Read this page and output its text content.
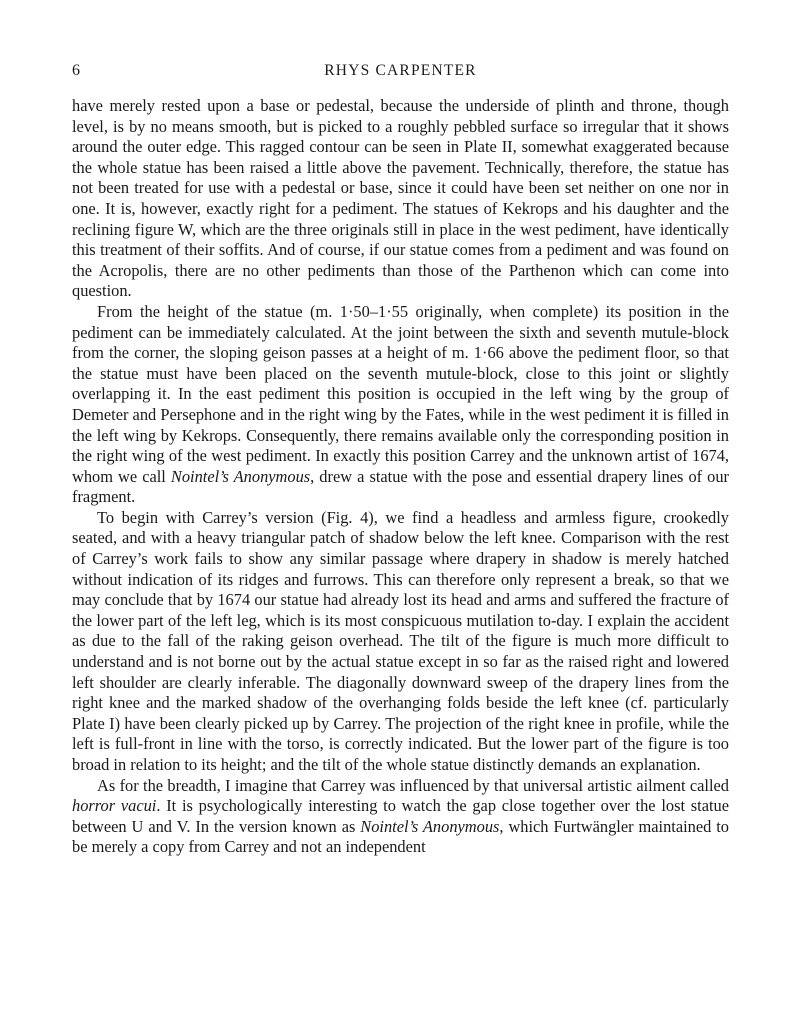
6	RHYS CARPENTER

have merely rested upon a base or pedestal, because the underside of plinth and throne, though level, is by no means smooth, but is picked to a roughly pebbled surface so irregular that it shows around the outer edge. This ragged contour can be seen in Plate II, somewhat exaggerated because the whole statue has been raised a little above the pavement. Technically, therefore, the statue has not been treated for use with a pedestal or base, since it could have been set neither on one nor in one. It is, however, exactly right for a pediment. The statues of Kekrops and his daughter and the reclining figure W, which are the three originals still in place in the west pediment, have identically this treatment of their soffits. And of course, if our statue comes from a pediment and was found on the Acropolis, there are no other pediments than those of the Parthenon which can come into question.

From the height of the statue (m. 1·50–1·55 originally, when complete) its position in the pediment can be immediately calculated. At the joint between the sixth and seventh mutule-block from the corner, the sloping geison passes at a height of m. 1·66 above the pediment floor, so that the statue must have been placed on the seventh mutule-block, close to this joint or slightly overlapping it. In the east pediment this position is occupied in the left wing by the group of Demeter and Persephone and in the right wing by the Fates, while in the west pediment it is filled in the left wing by Kekrops. Consequently, there remains available only the corresponding position in the right wing of the west pediment. In exactly this position Carrey and the unknown artist of 1674, whom we call Nointel’s Anonymous, drew a statue with the pose and essential drapery lines of our fragment.

To begin with Carrey’s version (Fig. 4), we find a headless and armless figure, crookedly seated, and with a heavy triangular patch of shadow below the left knee. Comparison with the rest of Carrey’s work fails to show any similar passage where drapery in shadow is merely hatched without indication of its ridges and furrows. This can therefore only represent a break, so that we may conclude that by 1674 our statue had already lost its head and arms and suffered the fracture of the lower part of the left leg, which is its most conspicuous mutilation to-day. I explain the accident as due to the fall of the raking geison overhead. The tilt of the figure is much more difficult to understand and is not borne out by the actual statue except in so far as the raised right and lowered left shoulder are clearly inferable. The diagonally downward sweep of the drapery lines from the right knee and the marked shadow of the overhanging folds beside the left knee (cf. particularly Plate I) have been clearly picked up by Carrey. The projection of the right knee in profile, while the left is full-front in line with the torso, is correctly indicated. But the lower part of the figure is too broad in relation to its height; and the tilt of the whole statue distinctly demands an explanation.

As for the breadth, I imagine that Carrey was influenced by that universal artistic ailment called horror vacui. It is psychologically interesting to watch the gap close together over the lost statue between U and V. In the version known as Nointel’s Anonymous, which Furtwängler maintained to be merely a copy from Carrey and not an independent
